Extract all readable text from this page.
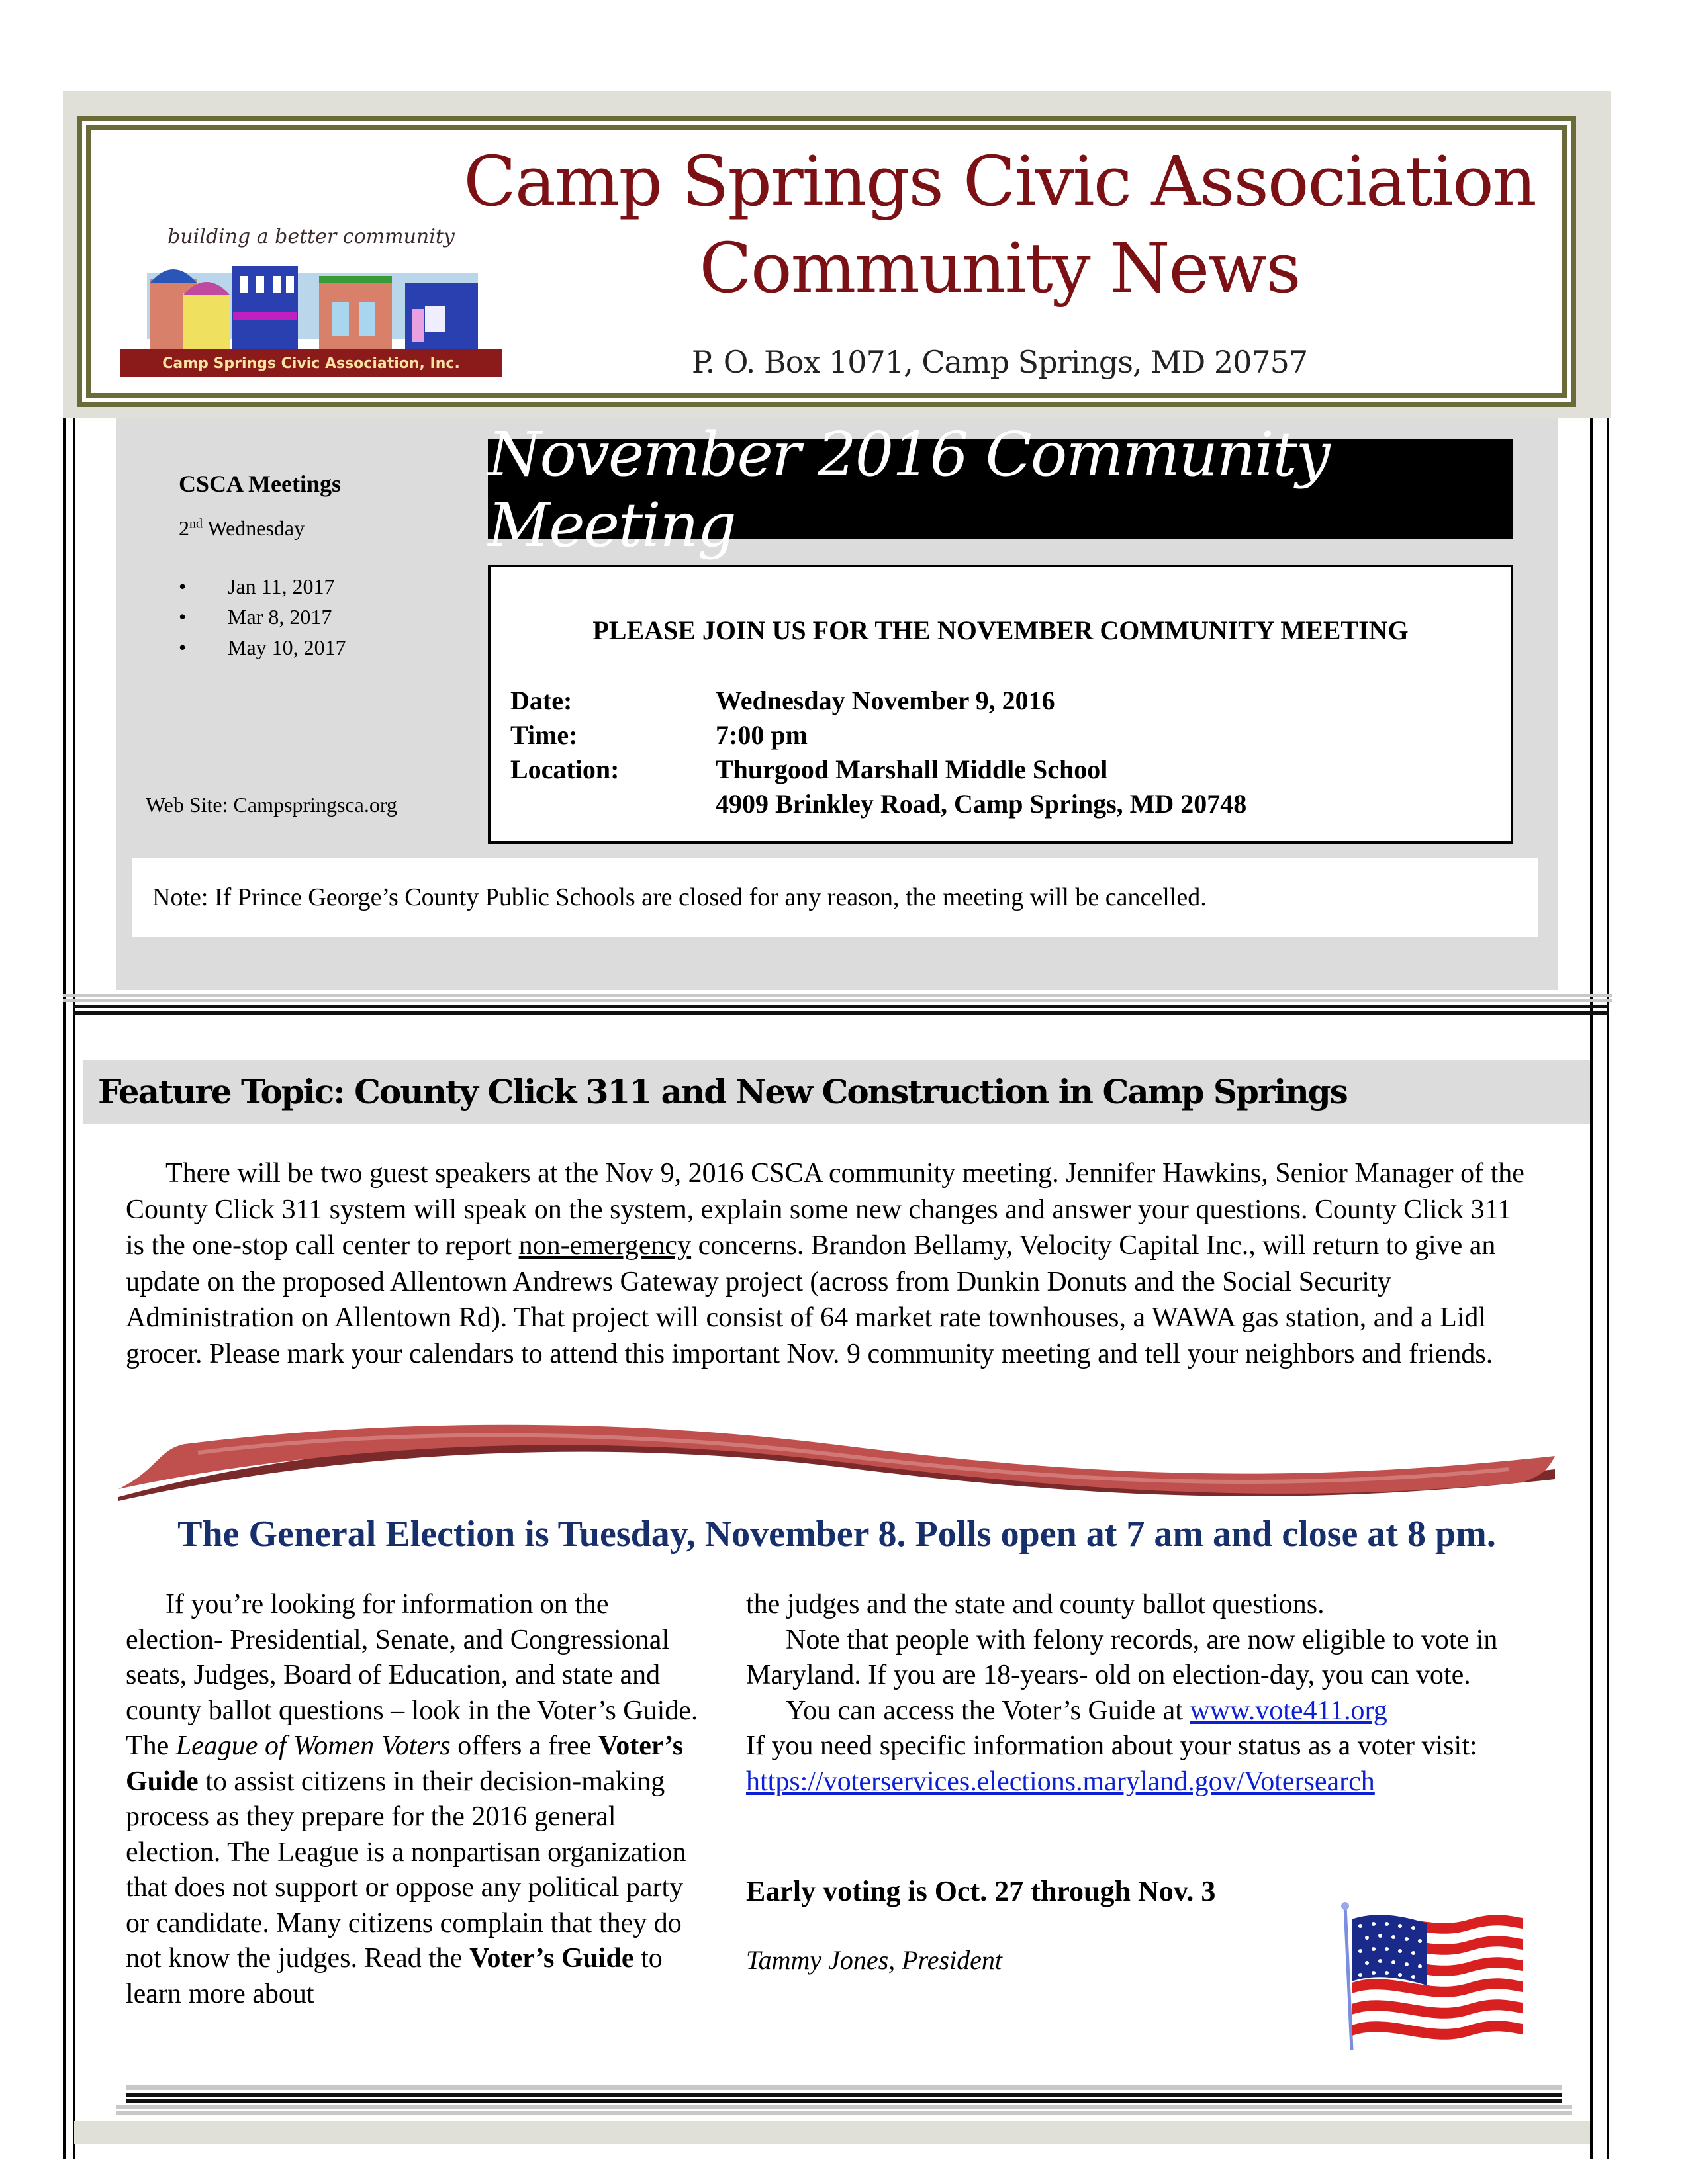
building a better community
Camp Springs Civic Association, Inc.
Camp Springs Civic Association
Community News
P. O. Box 1071, Camp Springs, MD 20757
CSCA Meetings
2nd Wednesday
•	Jan 11, 2017
•	Mar 8, 2017
•	May 10, 2017
Web Site: Campspringsca.org
November 2016 Community Meeting
PLEASE JOIN US FOR THE NOVEMBER COMMUNITY MEETING
Date:	Wednesday November 9, 2016
Time:	7:00 pm
Location:	Thurgood Marshall Middle School
4909 Brinkley Road, Camp Springs, MD 20748
Note: If Prince George’s County Public Schools are closed for any reason, the meeting will be cancelled.
Feature Topic: County Click 311 and New Construction in Camp Springs
There will be two guest speakers at the Nov 9, 2016 CSCA community meeting. Jennifer Hawkins, Senior Manager of the County Click 311 system will speak on the system, explain some new changes and answer your questions. County Click 311 is the one-stop call center to report non-emergency concerns. Brandon Bellamy, Velocity Capital Inc., will return to give an update on the proposed Allentown Andrews Gateway project (across from Dunkin Donuts and the Social Security Administration on Allentown Rd). That project will consist of 64 market rate townhouses, a WAWA gas station, and a Lidl grocer. Please mark your calendars to attend this important Nov. 9 community meeting and tell your neighbors and friends.
The General Election is Tuesday, November 8. Polls open at 7 am and close at 8 pm.
If you’re looking for information on the election- Presidential, Senate, and Congressional seats, Judges, Board of Education, and state and county ballot questions – look in the Voter’s Guide. The League of Women Voters offers a free Voter’s Guide to assist citizens in their decision-making process as they prepare for the 2016 general election. The League is a nonpartisan organization that does not support or oppose any political party or candidate. Many citizens complain that they do not know the judges. Read the Voter’s Guide to learn more about

the judges and the state and county ballot questions.

Note that people with felony records, are now eligible to vote in Maryland. If you are 18-years- old on election-day, you can vote.

You can access the Voter’s Guide at www.vote411.org

If you need specific information about your status as a voter visit:

https://voterservices.elections.maryland.gov/Votersearch

Early voting is Oct. 27 through Nov. 3
Tammy Jones, President
